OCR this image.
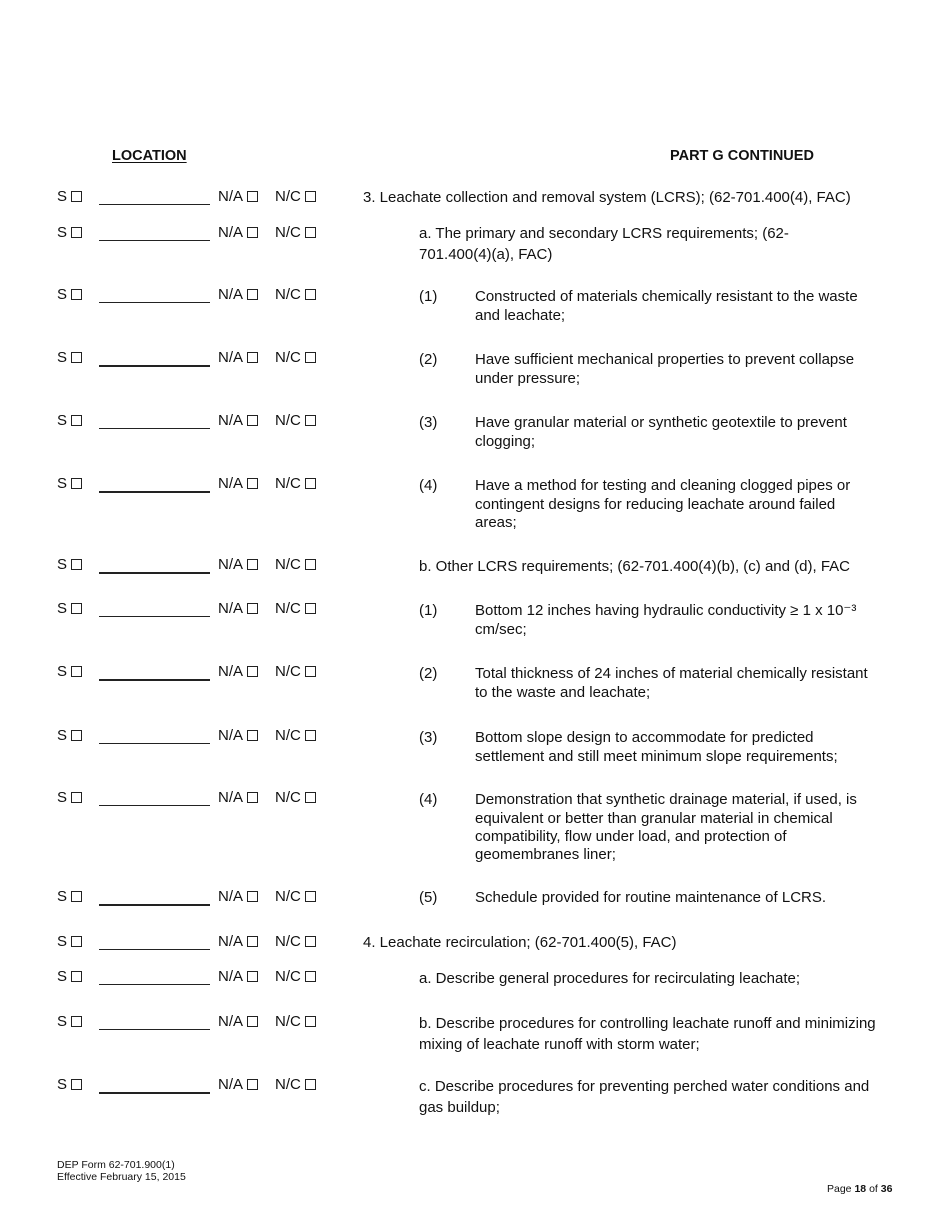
LOCATION	PART G CONTINUED
S	N/A	N/C	3. Leachate collection and removal system (LCRS); (62-701.400(4), FAC)
S	N/A	N/C	a. The primary and secondary LCRS requirements; (62-
701.400(4)(a), FAC)
S	N/A	N/C	(1)	Constructed of materials chemically resistant to the waste
and leachate;
S	N/A	N/C	(2)	Have sufficient mechanical properties to prevent collapse
under pressure;
S	N/A	N/C	(3)	Have granular material or synthetic geotextile to prevent
clogging;
S	N/A	N/C	(4)	Have a method for testing and cleaning clogged pipes or
contingent designs for reducing leachate around failed
areas;
S	N/A	N/C	b. Other LCRS requirements; (62-701.400(4)(b), (c) and (d), FAC
S	N/A	N/C	(1)	Bottom 12 inches having hydraulic conductivity ≥ 1 x 10⁻³
cm/sec;
S	N/A	N/C	(2)	Total thickness of 24 inches of material chemically resistant
to the waste and leachate;
S	N/A	N/C	(3)	Bottom slope design to accommodate for predicted
settlement and still meet minimum slope requirements;
S	N/A	N/C	(4)	Demonstration that synthetic drainage material, if used, is
equivalent or better than granular material in chemical
compatibility, flow under load, and protection of
geomembranes liner;
S	N/A	N/C	(5)	Schedule provided for routine maintenance of LCRS.
S	N/A	N/C	4. Leachate recirculation; (62-701.400(5), FAC)
S	N/A	N/C	a. Describe general procedures for recirculating leachate;
S	N/A	N/C	b. Describe procedures for controlling leachate runoff and minimizing
mixing of leachate runoff with storm water;
S	N/A	N/C	c. Describe procedures for preventing perched water conditions and
gas buildup;
DEP Form 62-701.900(1)
Effective February 15, 2015
Page 18 of 36
